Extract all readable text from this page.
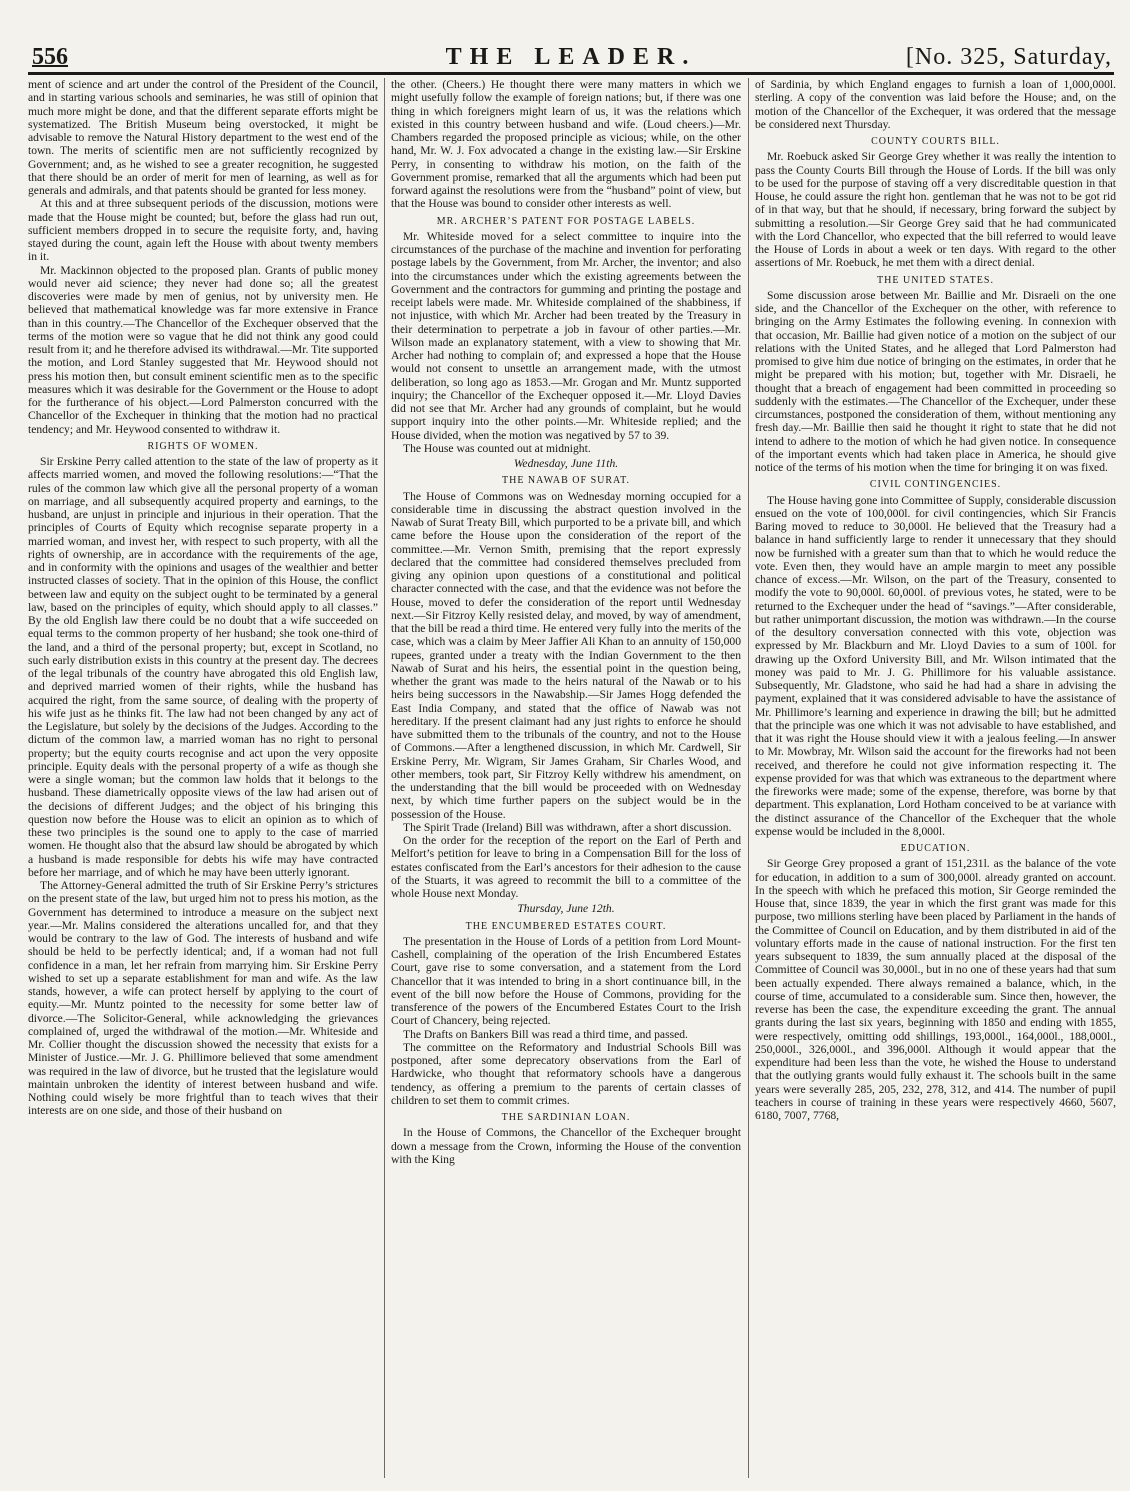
556	THE LEADER.	[No. 325, Saturday,

ment of science and art under the control of the President of the Council, and in starting various schools and seminaries, he was still of opinion that much more might be done, and that the different separate efforts might be systematized. The British Museum being overstocked, it might be advisable to remove the Natural History department to the west end of the town. The merits of scientific men are not sufficiently recognized by Government; and, as he wished to see a greater recognition, he suggested that there should be an order of merit for men of learning, as well as for generals and admirals, and that patents should be granted for less money.

At this and at three subsequent periods of the discussion, motions were made that the House might be counted; but, before the glass had run out, sufficient members dropped in to secure the requisite forty, and, having stayed during the count, again left the House with about twenty members in it.

Mr. Mackinnon objected to the proposed plan. Grants of public money would never aid science; they never had done so; all the greatest discoveries were made by men of genius, not by university men. He believed that mathematical knowledge was far more extensive in France than in this country.—The Chancellor of the Exchequer observed that the terms of the motion were so vague that he did not think any good could result from it; and he therefore advised its withdrawal.—Mr. Tite supported the motion, and Lord Stanley suggested that Mr. Heywood should not press his motion then, but consult eminent scientific men as to the specific measures which it was desirable for the Government or the House to adopt for the furtherance of his object.—Lord Palmerston concurred with the Chancellor of the Exchequer in thinking that the motion had no practical tendency; and Mr. Heywood consented to withdraw it.

RIGHTS OF WOMEN.

Sir Erskine Perry called attention to the state of the law of property as it affects married women, and moved the following resolutions:—“That the rules of the common law which give all the personal property of a woman on marriage, and all subsequently acquired property and earnings, to the husband, are unjust in principle and injurious in their operation. That the principles of Courts of Equity which recognise separate property in a married woman, and invest her, with respect to such property, with all the rights of ownership, are in accordance with the requirements of the age, and in conformity with the opinions and usages of the wealthier and better instructed classes of society. That in the opinion of this House, the conflict between law and equity on the subject ought to be terminated by a general law, based on the principles of equity, which should apply to all classes.” By the old English law there could be no doubt that a wife succeeded on equal terms to the common property of her husband; she took one-third of the land, and a third of the personal property; but, except in Scotland, no such early distribution exists in this country at the present day. The decrees of the legal tribunals of the country have abrogated this old English law, and deprived married women of their rights, while the husband has acquired the right, from the same source, of dealing with the property of his wife just as he thinks fit. The law had not been changed by any act of the Legislature, but solely by the decisions of the Judges. According to the dictum of the common law, a married woman has no right to personal property; but the equity courts recognise and act upon the very opposite principle. Equity deals with the personal property of a wife as though she were a single woman; but the common law holds that it belongs to the husband. These diametrically opposite views of the law had arisen out of the decisions of different Judges; and the object of his bringing this question now before the House was to elicit an opinion as to which of these two principles is the sound one to apply to the case of married women. He thought also that the absurd law should be abrogated by which a husband is made responsible for debts his wife may have contracted before her marriage, and of which he may have been utterly ignorant.

The Attorney-General admitted the truth of Sir Erskine Perry’s strictures on the present state of the law, but urged him not to press his motion, as the Government has determined to introduce a measure on the subject next year.—Mr. Malins considered the alterations uncalled for, and that they would be contrary to the law of God. The interests of husband and wife should be held to be perfectly identical; and, if a woman had not full confidence in a man, let her refrain from marrying him. Sir Erskine Perry wished to set up a separate establishment for man and wife. As the law stands, however, a wife can protect herself by applying to the court of equity.—Mr. Muntz pointed to the necessity for some better law of divorce.—The Solicitor-General, while acknowledging the grievances complained of, urged the withdrawal of the motion.—Mr. Whiteside and Mr. Collier thought the discussion showed the necessity that exists for a Minister of Justice.—Mr. J. G. Phillimore believed that some amendment was required in the law of divorce, but he trusted that the legislature would maintain unbroken the identity of interest between husband and wife. Nothing could wisely be more frightful than to teach wives that their interests are on one side, and those of their husband on

the other. (Cheers.) He thought there were many matters in which we might usefully follow the example of foreign nations; but, if there was one thing in which foreigners might learn of us, it was the relations which existed in this country between husband and wife. (Loud cheers.)—Mr. Chambers regarded the proposed principle as vicious; while, on the other hand, Mr. W. J. Fox advocated a change in the existing law.—Sir Erskine Perry, in consenting to withdraw his motion, on the faith of the Government promise, remarked that all the arguments which had been put forward against the resolutions were from the “husband” point of view, but that the House was bound to consider other interests as well.

MR. ARCHER’S PATENT FOR POSTAGE LABELS.

Mr. Whiteside moved for a select committee to inquire into the circumstances of the purchase of the machine and invention for perforating postage labels by the Government, from Mr. Archer, the inventor; and also into the circumstances under which the existing agreements between the Government and the contractors for gumming and printing the postage and receipt labels were made. Mr. Whiteside complained of the shabbiness, if not injustice, with which Mr. Archer had been treated by the Treasury in their determination to perpetrate a job in favour of other parties.—Mr. Wilson made an explanatory statement, with a view to showing that Mr. Archer had nothing to complain of; and expressed a hope that the House would not consent to unsettle an arrangement made, with the utmost deliberation, so long ago as 1853.—Mr. Grogan and Mr. Muntz supported inquiry; the Chancellor of the Exchequer opposed it.—Mr. Lloyd Davies did not see that Mr. Archer had any grounds of complaint, but he would support inquiry into the other points.—Mr. Whiteside replied; and the House divided, when the motion was negatived by 57 to 39.

The House was counted out at midnight.

Wednesday, June 11th.

THE NAWAB OF SURAT.

The House of Commons was on Wednesday morning occupied for a considerable time in discussing the abstract question involved in the Nawab of Surat Treaty Bill, which purported to be a private bill, and which came before the House upon the consideration of the report of the committee.—Mr. Vernon Smith, premising that the report expressly declared that the committee had considered themselves precluded from giving any opinion upon questions of a constitutional and political character connected with the case, and that the evidence was not before the House, moved to defer the consideration of the report until Wednesday next.—Sir Fitzroy Kelly resisted delay, and moved, by way of amendment, that the bill be read a third time. He entered very fully into the merits of the case, which was a claim by Meer Jaffier Ali Khan to an annuity of 150,000 rupees, granted under a treaty with the Indian Government to the then Nawab of Surat and his heirs, the essential point in the question being, whether the grant was made to the heirs natural of the Nawab or to his heirs being successors in the Nawabship.—Sir James Hogg defended the East India Company, and stated that the office of Nawab was not hereditary. If the present claimant had any just rights to enforce he should have submitted them to the tribunals of the country, and not to the House of Commons.—After a lengthened discussion, in which Mr. Cardwell, Sir Erskine Perry, Mr. Wigram, Sir James Graham, Sir Charles Wood, and other members, took part, Sir Fitzroy Kelly withdrew his amendment, on the understanding that the bill would be proceeded with on Wednesday next, by which time further papers on the subject would be in the possession of the House.

The Spirit Trade (Ireland) Bill was withdrawn, after a short discussion.

On the order for the reception of the report on the Earl of Perth and Melfort’s petition for leave to bring in a Compensation Bill for the loss of estates confiscated from the Earl’s ancestors for their adhesion to the cause of the Stuarts, it was agreed to recommit the bill to a committee of the whole House next Monday.

Thursday, June 12th.

THE ENCUMBERED ESTATES COURT.

The presentation in the House of Lords of a petition from Lord Mount-Cashell, complaining of the operation of the Irish Encumbered Estates Court, gave rise to some conversation, and a statement from the Lord Chancellor that it was intended to bring in a short continuance bill, in the event of the bill now before the House of Commons, providing for the transference of the powers of the Encumbered Estates Court to the Irish Court of Chancery, being rejected.

The Drafts on Bankers Bill was read a third time, and passed.

The committee on the Reformatory and Industrial Schools Bill was postponed, after some deprecatory observations from the Earl of Hardwicke, who thought that reformatory schools have a dangerous tendency, as offering a premium to the parents of certain classes of children to set them to commit crimes.

THE SARDINIAN LOAN.

In the House of Commons, the Chancellor of the Exchequer brought down a message from the Crown, informing the House of the convention with the King

of Sardinia, by which England engages to furnish a loan of 1,000,000l. sterling. A copy of the convention was laid before the House; and, on the motion of the Chancellor of the Exchequer, it was ordered that the message be considered next Thursday.

COUNTY COURTS BILL.

Mr. Roebuck asked Sir George Grey whether it was really the intention to pass the County Courts Bill through the House of Lords. If the bill was only to be used for the purpose of staving off a very discreditable question in that House, he could assure the right hon. gentleman that he was not to be got rid of in that way, but that he should, if necessary, bring forward the subject by submitting a resolution.—Sir George Grey said that he had communicated with the Lord Chancellor, who expected that the bill referred to would leave the House of Lords in about a week or ten days. With regard to the other assertions of Mr. Roebuck, he met them with a direct denial.

THE UNITED STATES.

Some discussion arose between Mr. Baillie and Mr. Disraeli on the one side, and the Chancellor of the Exchequer on the other, with reference to bringing on the Army Estimates the following evening. In connexion with that occasion, Mr. Baillie had given notice of a motion on the subject of our relations with the United States, and he alleged that Lord Palmerston had promised to give him due notice of bringing on the estimates, in order that he might be prepared with his motion; but, together with Mr. Disraeli, he thought that a breach of engagement had been committed in proceeding so suddenly with the estimates.—The Chancellor of the Exchequer, under these circumstances, postponed the consideration of them, without mentioning any fresh day.—Mr. Baillie then said he thought it right to state that he did not intend to adhere to the motion of which he had given notice. In consequence of the important events which had taken place in America, he should give notice of the terms of his motion when the time for bringing it on was fixed.

CIVIL CONTINGENCIES.

The House having gone into Committee of Supply, considerable discussion ensued on the vote of 100,000l. for civil contingencies, which Sir Francis Baring moved to reduce to 30,000l. He believed that the Treasury had a balance in hand sufficiently large to render it unnecessary that they should now be furnished with a greater sum than that to which he would reduce the vote. Even then, they would have an ample margin to meet any possible chance of excess.—Mr. Wilson, on the part of the Treasury, consented to modify the vote to 90,000l. 60,000l. of previous votes, he stated, were to be returned to the Exchequer under the head of “savings.”—After considerable, but rather unimportant discussion, the motion was withdrawn.—In the course of the desultory conversation connected with this vote, objection was expressed by Mr. Blackburn and Mr. Lloyd Davies to a sum of 100l. for drawing up the Oxford University Bill, and Mr. Wilson intimated that the money was paid to Mr. J. G. Phillimore for his valuable assistance. Subsequently, Mr. Gladstone, who said he had had a share in advising the payment, explained that it was considered advisable to have the assistance of Mr. Phillimore’s learning and experience in drawing the bill; but he admitted that the principle was one which it was not advisable to have established, and that it was right the House should view it with a jealous feeling.—In answer to Mr. Mowbray, Mr. Wilson said the account for the fireworks had not been received, and therefore he could not give information respecting it. The expense provided for was that which was extraneous to the department where the fireworks were made; some of the expense, therefore, was borne by that department. This explanation, Lord Hotham conceived to be at variance with the distinct assurance of the Chancellor of the Exchequer that the whole expense would be included in the 8,000l.

EDUCATION.

Sir George Grey proposed a grant of 151,231l. as the balance of the vote for education, in addition to a sum of 300,000l. already granted on account. In the speech with which he prefaced this motion, Sir George reminded the House that, since 1839, the year in which the first grant was made for this purpose, two millions sterling have been placed by Parliament in the hands of the Committee of Council on Education, and by them distributed in aid of the voluntary efforts made in the cause of national instruction. For the first ten years subsequent to 1839, the sum annually placed at the disposal of the Committee of Council was 30,000l., but in no one of these years had that sum been actually expended. There always remained a balance, which, in the course of time, accumulated to a considerable sum. Since then, however, the reverse has been the case, the expenditure exceeding the grant. The annual grants during the last six years, beginning with 1850 and ending with 1855, were respectively, omitting odd shillings, 193,000l., 164,000l., 188,000l., 250,000l., 326,000l., and 396,000l. Although it would appear that the expenditure had been less than the vote, he wished the House to understand that the outlying grants would fully exhaust it. The schools built in the same years were severally 285, 205, 232, 278, 312, and 414. The number of pupil teachers in course of training in these years were respectively 4660, 5607, 6180, 7007, 7768,
